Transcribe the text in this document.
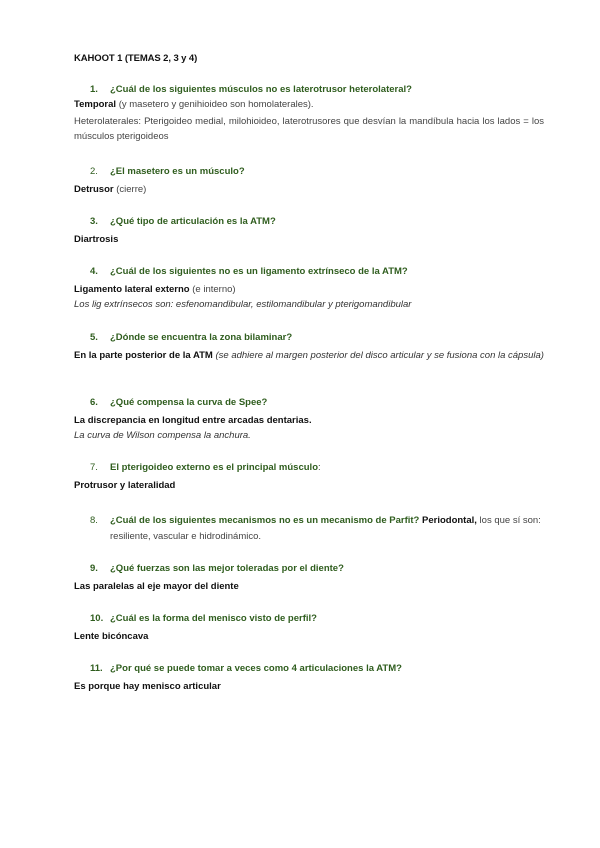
KAHOOT 1 (TEMAS 2, 3 y 4)
1.	¿Cuál de los siguientes músculos no es laterotrusor heterolateral?
Temporal (y masetero y genihioideo son homolaterales).
Heterolaterales: Pterigoideo medial, milohioideo, laterotrusores que desvían la mandíbula hacia los lados = los músculos pterigoideos
2.	¿El masetero es un músculo?
Detrusor (cierre)
3.	¿Qué tipo de articulación es la ATM?
Diartrosis
4.	¿Cuál de los siguientes no es un ligamento extrínseco de la ATM?
Ligamento lateral externo (e interno)
Los lig extrínsecos son: esfenomandibular, estilomandibular y pterigomandibular
5.	¿Dónde se encuentra la zona bilaminar?
En la parte posterior de la ATM (se adhiere al margen posterior del disco articular y se fusiona con la cápsula)
6.	¿Qué compensa la curva de Spee?
La discrepancia en longitud entre arcadas dentarias.
La curva de Wilson compensa la anchura.
7.	El pterigoideo externo es el principal músculo:
Protrusor y lateralidad
8.	¿Cuál de los siguientes mecanismos no es un mecanismo de Parfit? Periodontal, los que sí son: resiliente, vascular e hidrodinámico.
9.	¿Qué fuerzas son las mejor toleradas por el diente?
Las paralelas al eje mayor del diente
10. ¿Cuál es la forma del menisco visto de perfil?
Lente bicóncava
11. ¿Por qué se puede tomar a veces como 4 articulaciones la ATM?
Es porque hay menisco articular
